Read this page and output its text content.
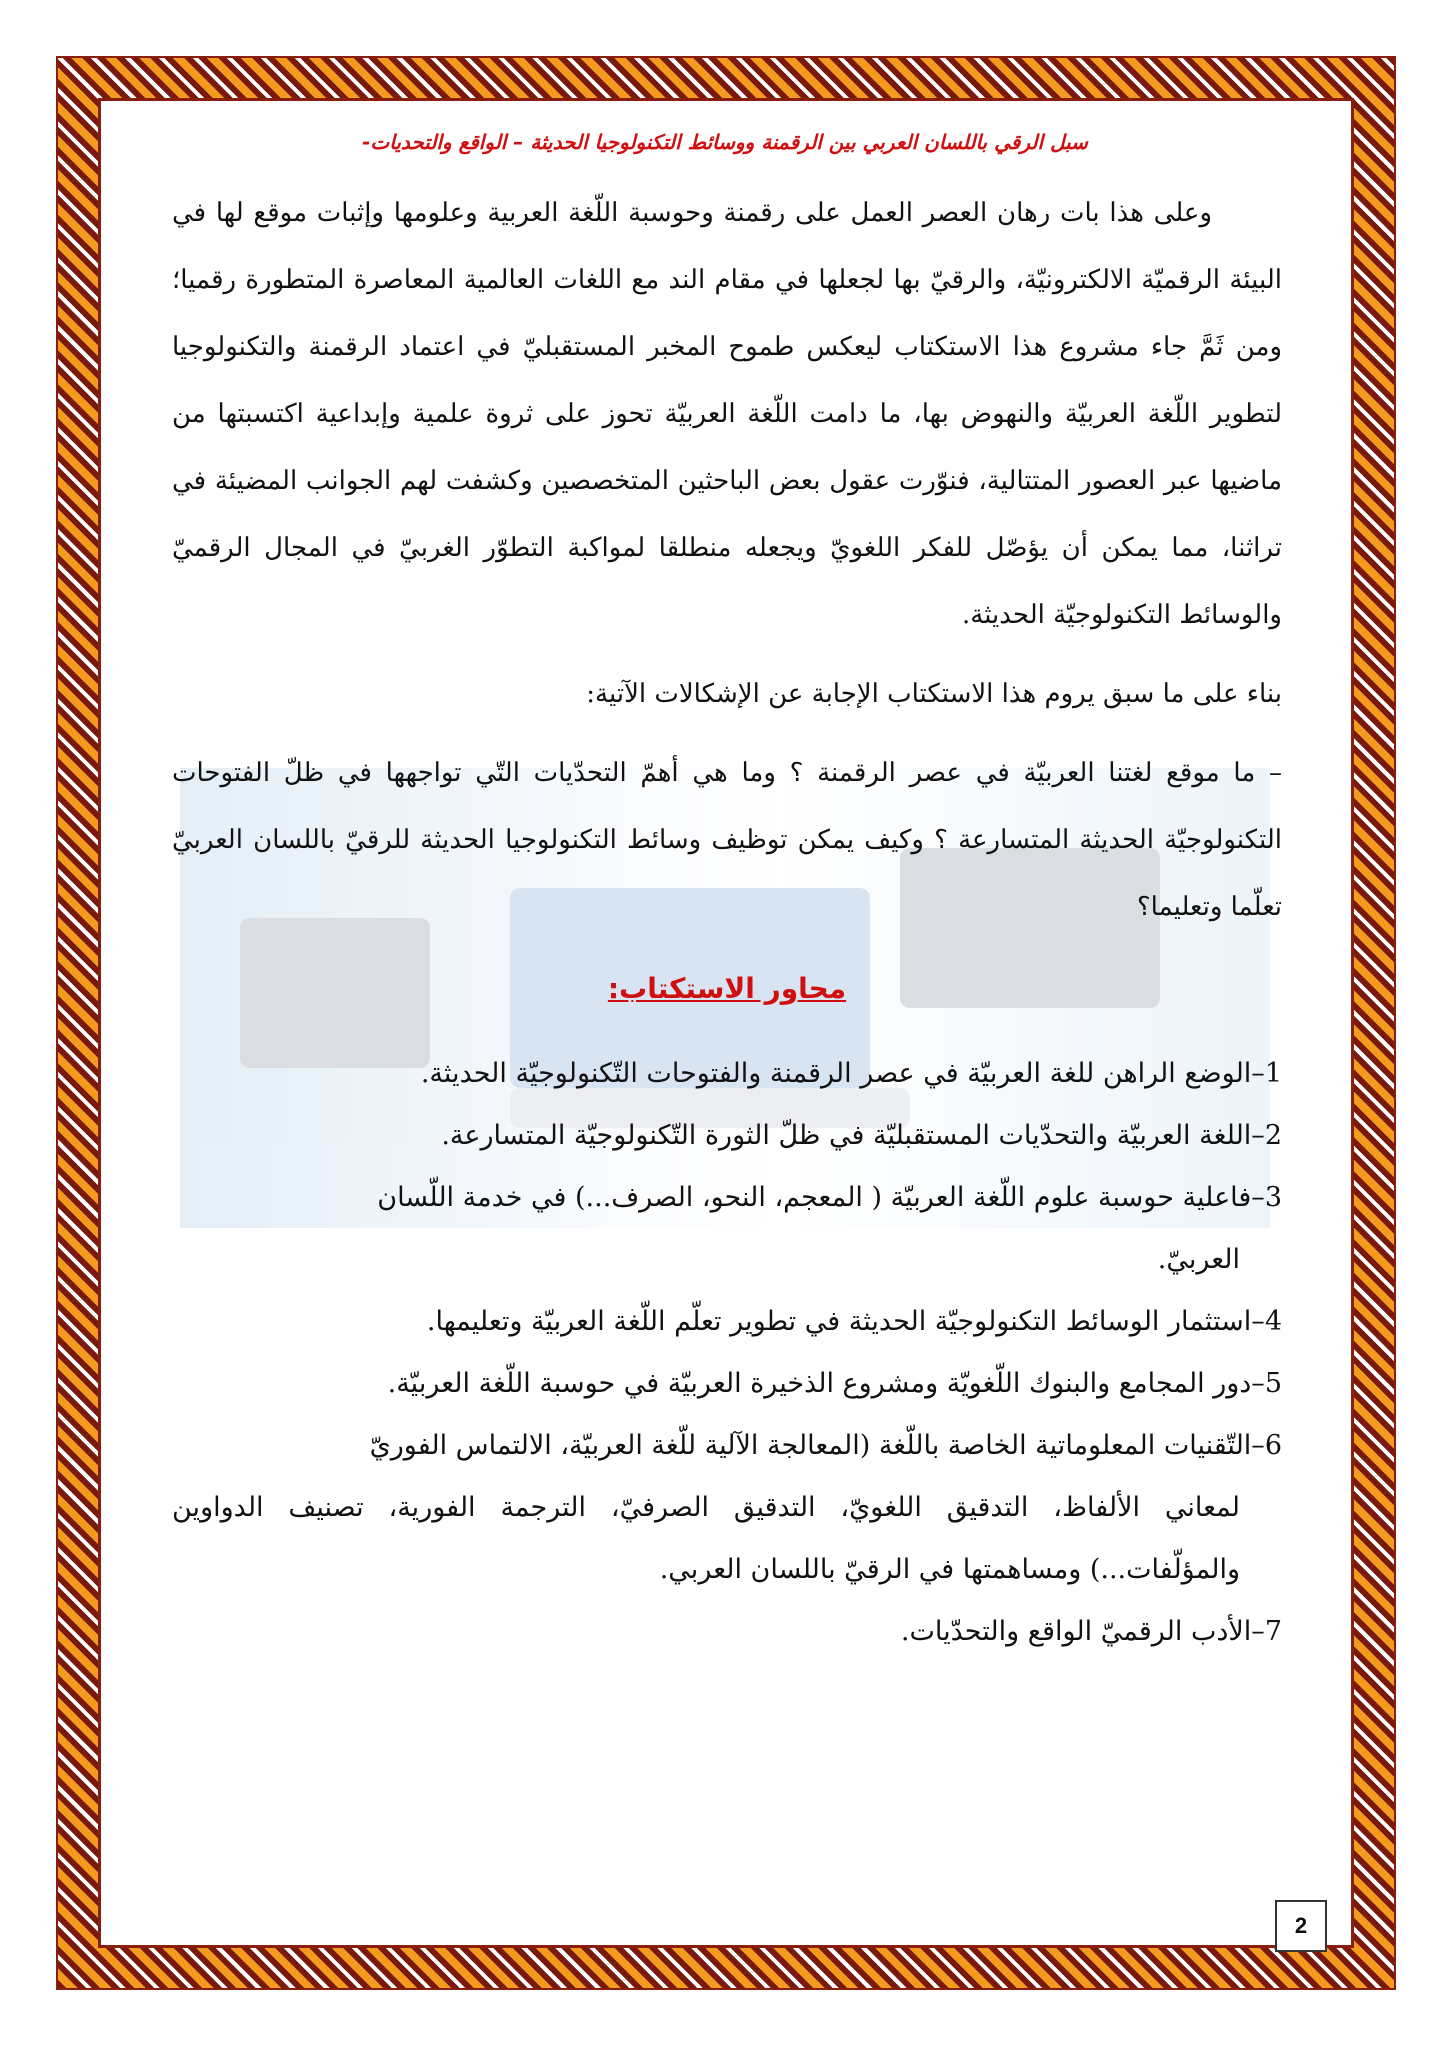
سبل الرقي باللسان العربي بين الرقمنة ووسائط التكنولوجيا الحديثة – الواقع والتحديات-

وعلى هذا بات رهان العصر العمل على رقمنة وحوسبة اللّغة العربية وعلومها وإثبات موقع لها في البيئة الرقميّة الالكترونيّة، والرقيّ بها لجعلها في مقام الند مع اللغات العالمية المعاصرة المتطورة رقميا؛ ومن ثَمَّ جاء مشروع هذا الاستكتاب ليعكس طموح المخبر المستقبليّ في اعتماد الرقمنة والتكنولوجيا لتطوير اللّغة العربيّة والنهوض بها، ما دامت اللّغة العربيّة تحوز على ثروة علمية وإبداعية اكتسبتها من ماضيها عبر العصور المتتالية، فنوّرت عقول بعض الباحثين المتخصصين وكشفت لهم الجوانب المضيئة في تراثنا، مما يمكن أن يؤصّل للفكر اللغويّ ويجعله منطلقا لمواكبة التطوّر الغربيّ في المجال الرقميّ والوسائط التكنولوجيّة الحديثة.

بناء على ما سبق يروم هذا الاستكتاب الإجابة عن الإشكالات الآتية:

– ما موقع لغتنا العربيّة في عصر الرقمنة ؟ وما هي أهمّ التحدّيات التّي تواجهها في ظلّ الفتوحات التكنولوجيّة الحديثة المتسارعة ؟ وكيف يمكن توظيف وسائط التكنولوجيا الحديثة للرقيّ باللسان العربيّ تعلّما وتعليما؟

محاور الاستكتاب:
1–الوضع الراهن للغة العربيّة في عصر الرقمنة والفتوحات التّكنولوجيّة الحديثة.
2–اللغة العربيّة والتحدّيات المستقبليّة في ظلّ الثورة التّكنولوجيّة المتسارعة.
3–فاعلية حوسبة علوم اللّغة العربيّة ( المعجم، النحو، الصرف...) في خدمة اللّسان
العربيّ.
4–استثمار الوسائط التكنولوجيّة الحديثة في تطوير تعلّم اللّغة العربيّة وتعليمها.
5–دور المجامع والبنوك اللّغويّة ومشروع الذخيرة العربيّة في حوسبة اللّغة العربيّة.
6–التّقنيات المعلوماتية الخاصة باللّغة (المعالجة الآلية للّغة العربيّة، الالتماس الفوريّ
لمعاني الألفاظ، التدقيق اللغويّ، التدقيق الصرفيّ، الترجمة الفورية، تصنيف الدواوين والمؤلّفات...) ومساهمتها في الرقيّ باللسان العربي.
7–الأدب الرقميّ الواقع والتحدّيات.
2
